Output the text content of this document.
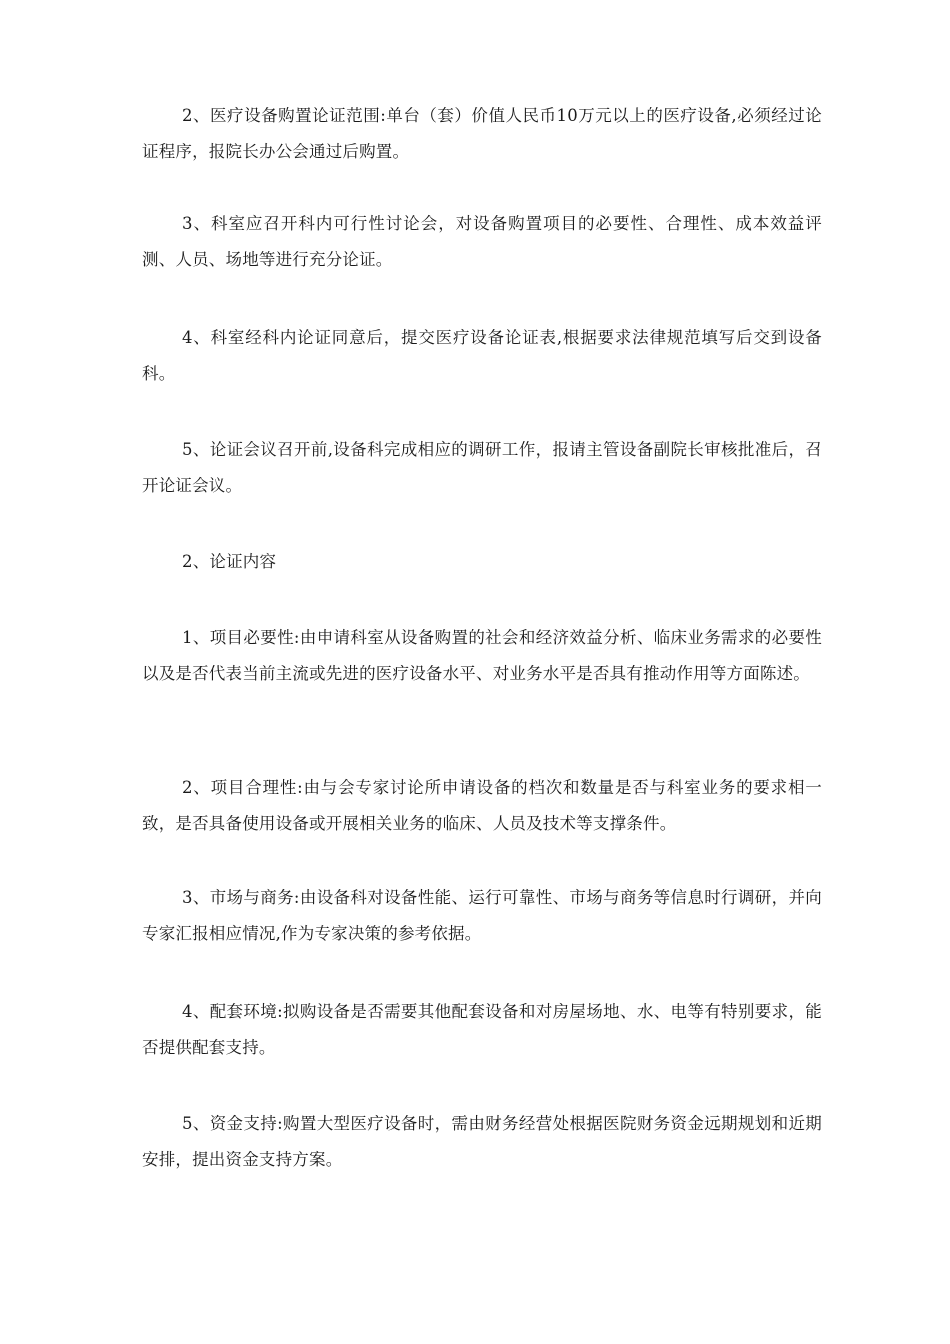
2、医疗设备购置论证范围:单台（套）价值人民币10万元以上的医疗设备,必须经过论证程序，报院长办公会通过后购置。

3、科室应召开科内可行性讨论会，对设备购置项目的必要性、合理性、成本效益评测、人员、场地等进行充分论证。

4、科室经科内论证同意后，提交医疗设备论证表,根据要求法律规范填写后交到设备科。

5、论证会议召开前,设备科完成相应的调研工作，报请主管设备副院长审核批准后，召开论证会议。

2、论证内容

1、项目必要性:由申请科室从设备购置的社会和经济效益分析、临床业务需求的必要性以及是否代表当前主流或先进的医疗设备水平、对业务水平是否具有推动作用等方面陈述。

2、项目合理性:由与会专家讨论所申请设备的档次和数量是否与科室业务的要求相一致，是否具备使用设备或开展相关业务的临床、人员及技术等支撑条件。

3、市场与商务:由设备科对设备性能、运行可靠性、市场与商务等信息时行调研，并向专家汇报相应情况,作为专家决策的参考依据。

4、配套环境:拟购设备是否需要其他配套设备和对房屋场地、水、电等有特别要求，能否提供配套支持。

5、资金支持:购置大型医疗设备时，需由财务经营处根据医院财务资金远期规划和近期安排，提出资金支持方案。
